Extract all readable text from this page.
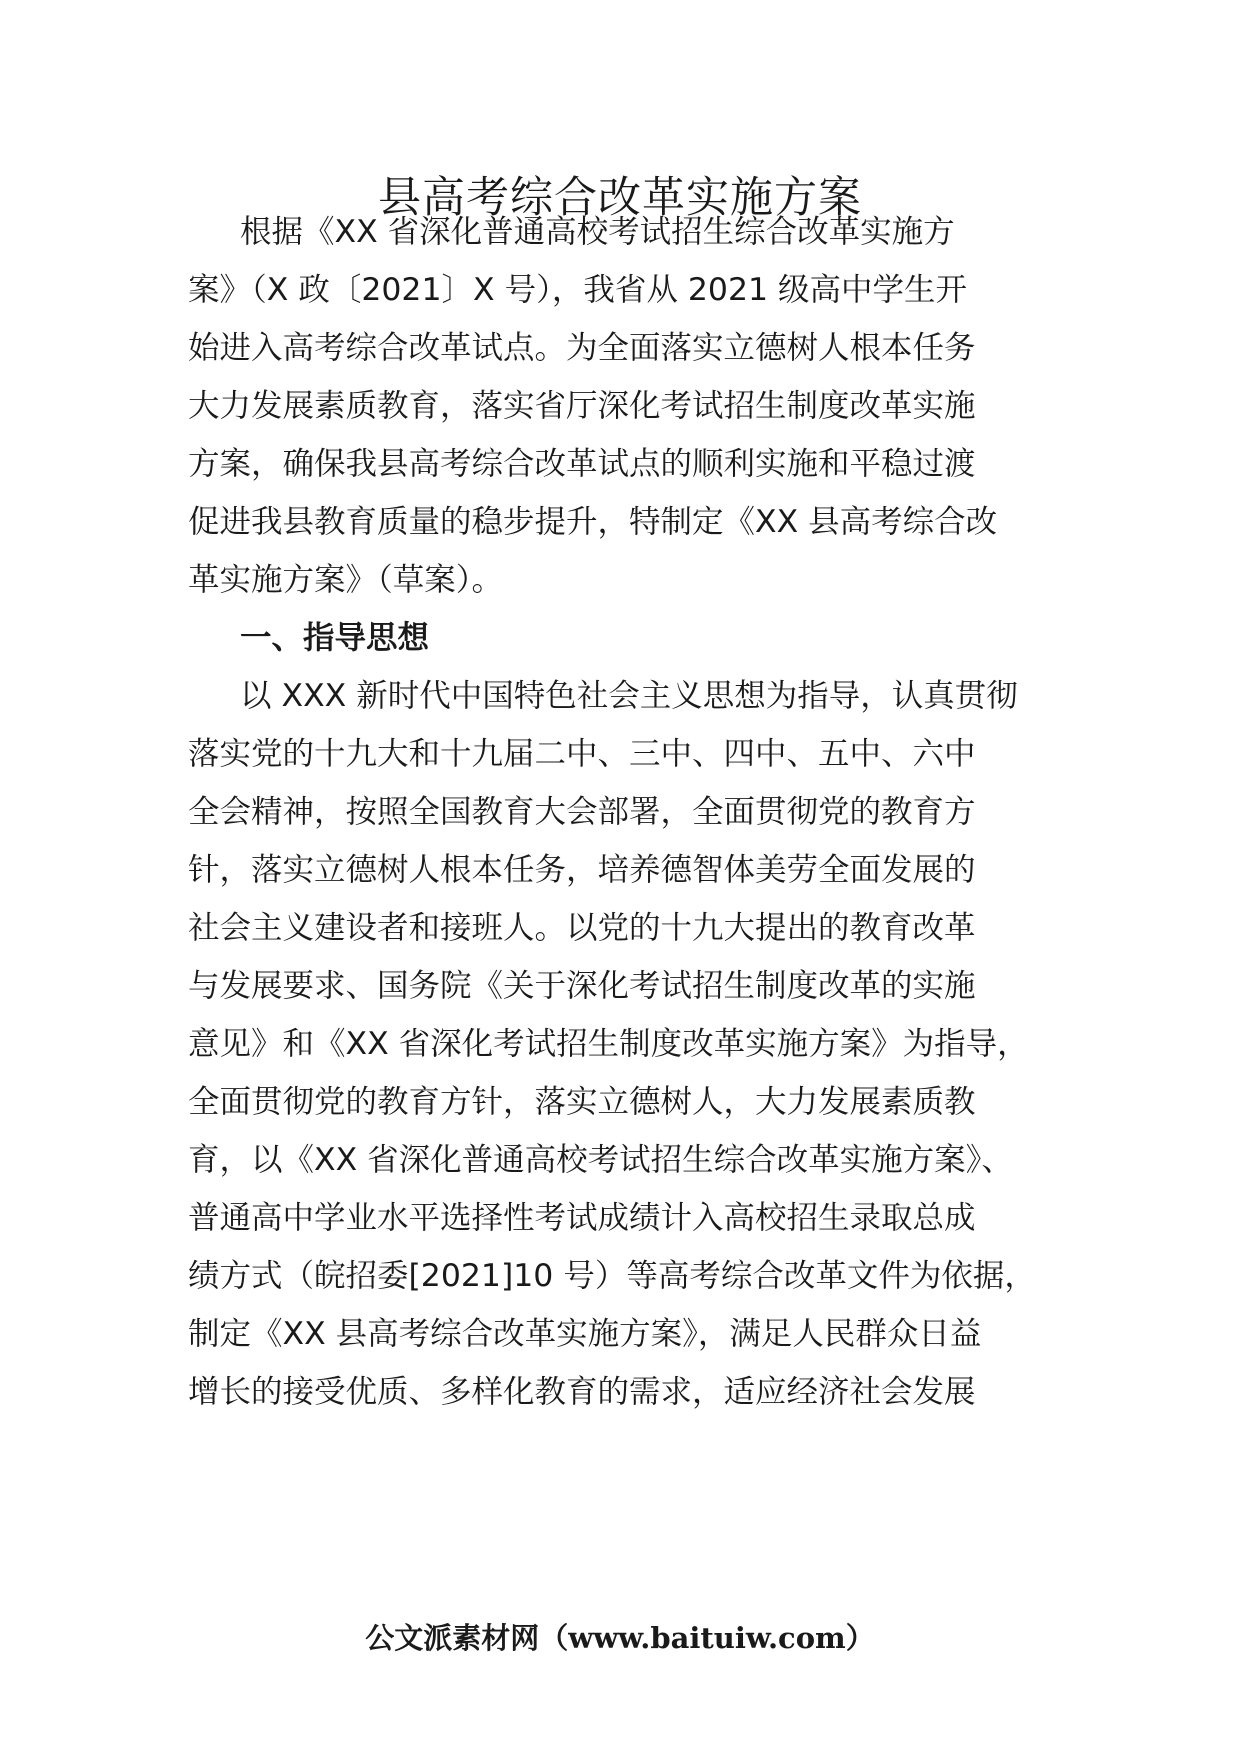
县高考综合改革实施方案

根据《XX 省深化普通高校考试招生综合改革实施方

案》（X 政〔2021〕X 号），我省从 2021 级高中学生开

始进入高考综合改革试点。为全面落实立德树人根本任务

大力发展素质教育，落实省厅深化考试招生制度改革实施

方案，确保我县高考综合改革试点的顺利实施和平稳过渡

促进我县教育质量的稳步提升，特制定《XX 县高考综合改

革实施方案》（草案）。

一、指导思想

以 XXX 新时代中国特色社会主义思想为指导，认真贯彻

落实党的十九大和十九届二中、三中、四中、五中、六中

全会精神，按照全国教育大会部署，全面贯彻党的教育方

针，落实立德树人根本任务，培养德智体美劳全面发展的

社会主义建设者和接班人。以党的十九大提出的教育改革

与发展要求、国务院《关于深化考试招生制度改革的实施

意见》和《XX 省深化考试招生制度改革实施方案》为指导，

全面贯彻党的教育方针，落实立德树人，大力发展素质教

育，以《XX 省深化普通高校考试招生综合改革实施方案》、

普通高中学业水平选择性考试成绩计入高校招生录取总成

绩方式（皖招委[2021]10 号）等高考综合改革文件为依据，

制定《XX 县高考综合改革实施方案》，满足人民群众日益

增长的接受优质、多样化教育的需求，适应经济社会发展

公文派素材网（www.baituiw.com）
